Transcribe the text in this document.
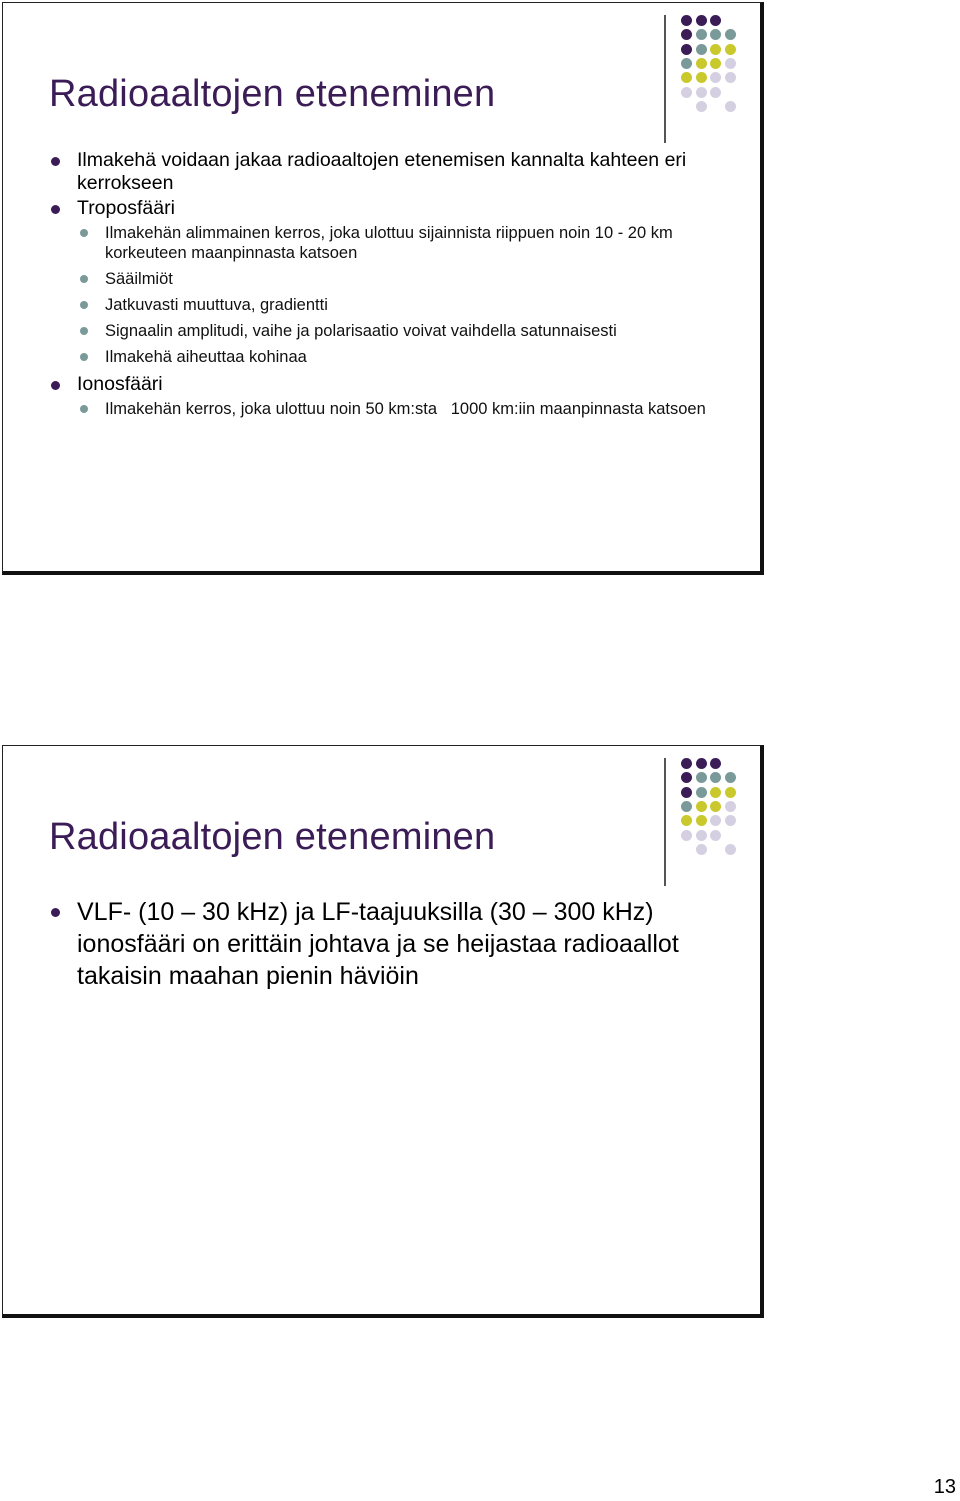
Radioaaltojen eteneminen
Ilmakehä voidaan jakaa radioaaltojen etenemisen kannalta kahteen eri kerrokseen
Troposfääri
Ilmakehän alimmainen kerros, joka ulottuu sijainnista riippuen noin 10 - 20 km korkeuteen maanpinnasta katsoen
Sääilmiöt
Jatkuvasti muuttuva, gradientti
Signaalin amplitudi, vaihe ja polarisaatio voivat vaihdella satunnaisesti
Ilmakehä aiheuttaa kohinaa
Ionosfääri
Ilmakehän kerros, joka ulottuu noin 50 km:sta   1000 km:iin maanpinnasta katsoen
Radioaaltojen eteneminen
VLF- (10 – 30 kHz) ja LF-taajuuksilla (30 – 300 kHz) ionosfääri on erittäin johtava ja se heijastaa radioaallot takaisin maahan pienin häviöin
13
